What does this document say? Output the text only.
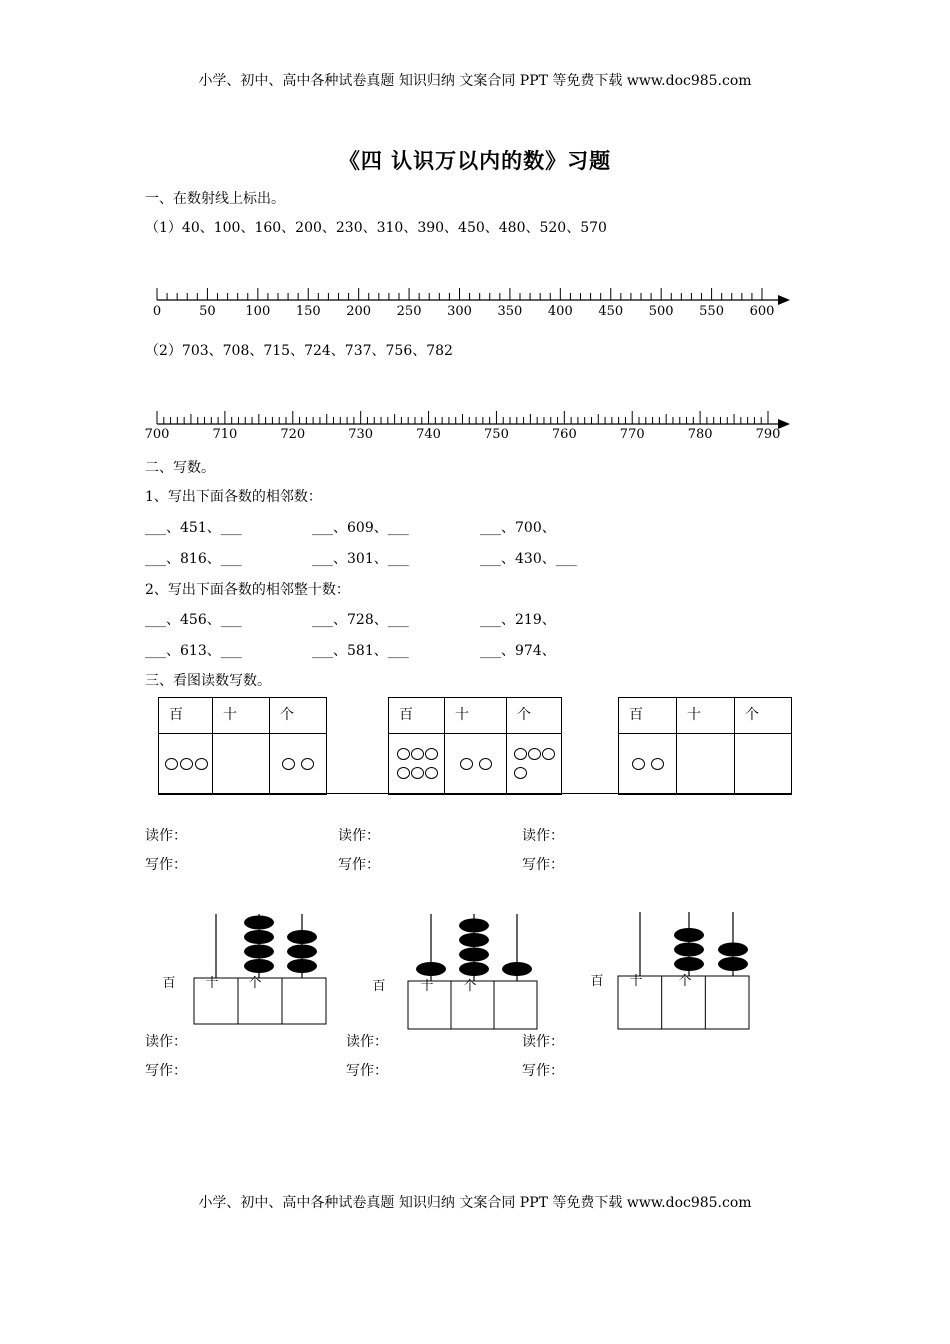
小学、初中、高中各种试卷真题 知识归纳 文案合同 PPT 等免费下载 www.doc985.com
《四 认识万以内的数》习题
一、在数射线上标出。
（1）40、100、160、200、230、310、390、450、480、520、570
0	50 100 150 200 250 300 350 400 450 500 550 600
（2）703、708、715、724、737、756、782
700	710	720	730	740	750	760	770	780	790
二、写数。
1、写出下面各数的相邻数：
___、451、___	___、609、___	___、700、
___、816、___	___、301、___	___、430、___
2、写出下面各数的相邻整十数：
___、456、___	___、728、___	___、219、
___、613、___	___、581、___	___、974、
三、看图读数写数。
百	十	个	百	十	个	百	十	个
读作：
写作：
读作：
写作：
读作：
写作：
百 十 个	百	十 个	百 十	个
读作：
写作：
读作：
写作：
读作：
写作：
小学、初中、高中各种试卷真题 知识归纳 文案合同 PPT 等免费下载 www.doc985.com
